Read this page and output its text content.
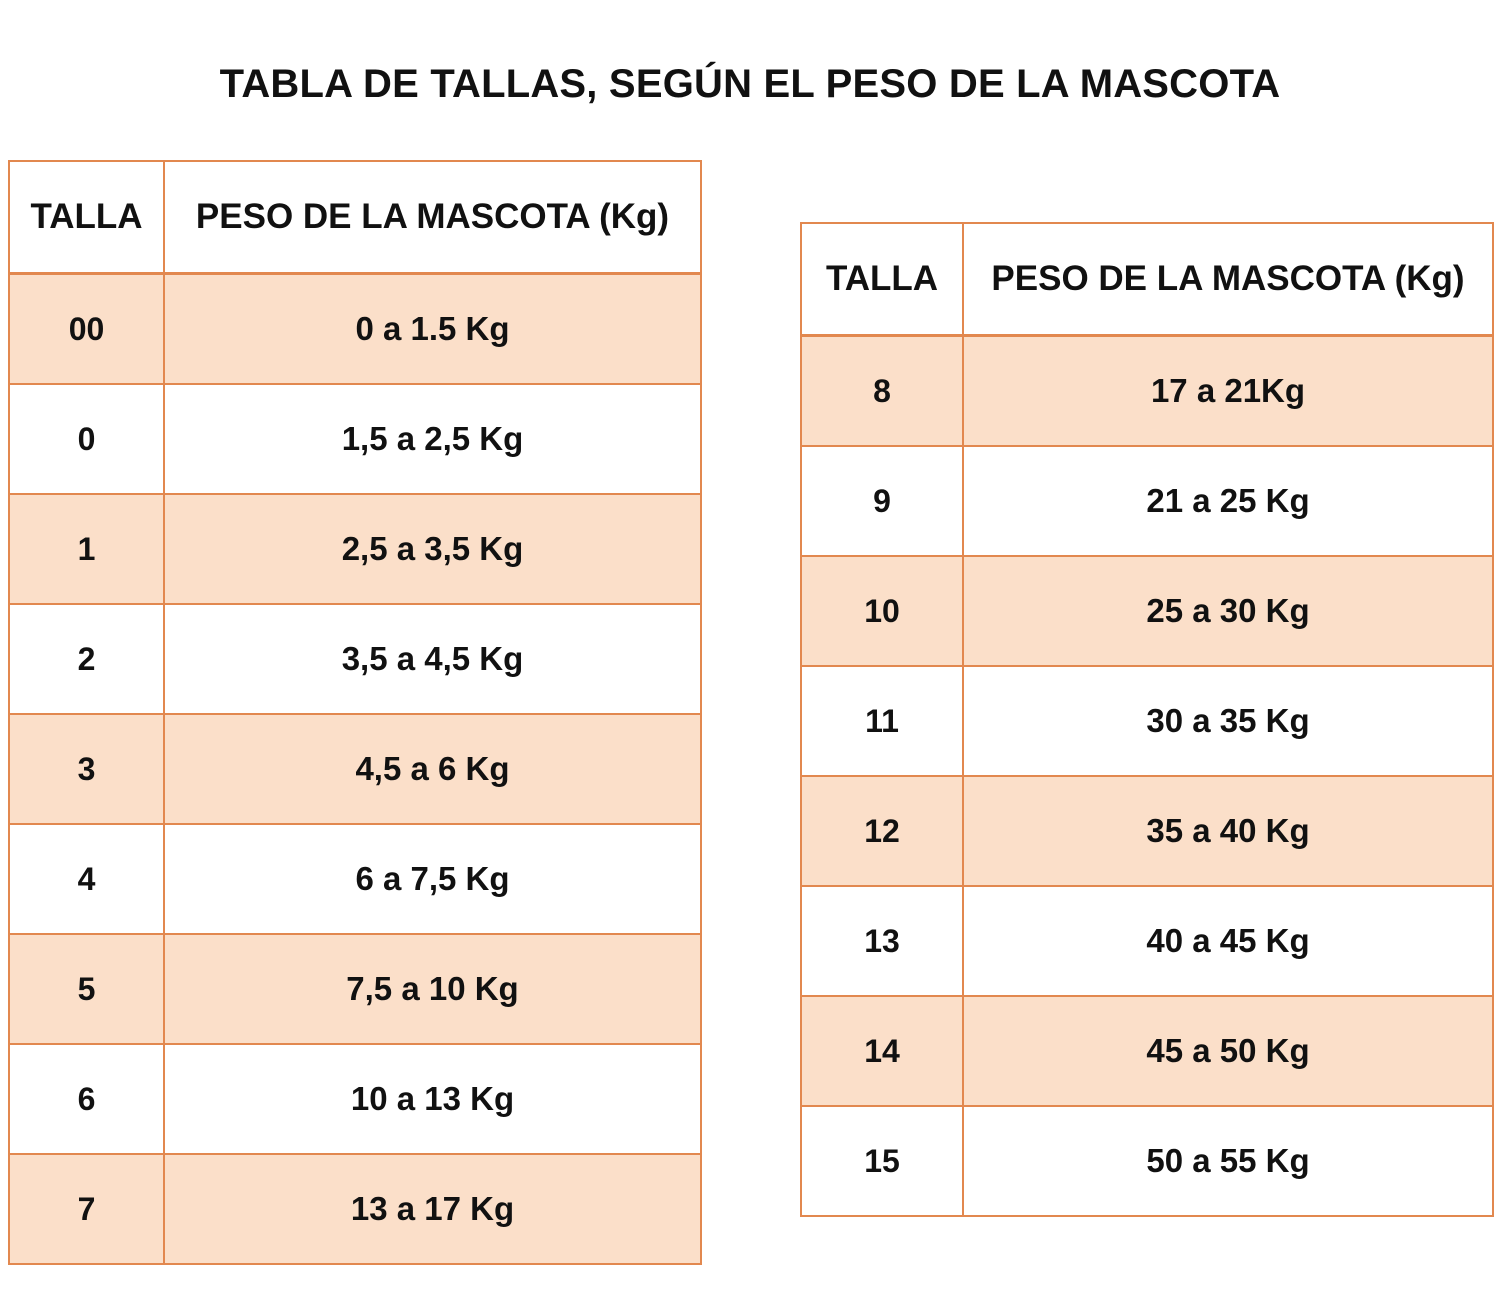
TABLA DE TALLAS, SEGÚN EL PESO DE LA MASCOTA
TALLA	PESO DE LA MASCOTA (Kg)
00	0 a 1.5 Kg
0	1,5 a 2,5 Kg
1	2,5 a 3,5 Kg
2	3,5 a 4,5 Kg
3	4,5 a 6 Kg
4	6 a 7,5 Kg
5	7,5 a 10 Kg
6	10 a 13 Kg
7	13 a 17 Kg
TALLA	PESO DE LA MASCOTA (Kg)
8	17 a 21Kg
9	21 a 25 Kg
10	25 a 30 Kg
11	30 a 35 Kg
12	35 a 40 Kg
13	40 a 45 Kg
14	45 a 50 Kg
15	50 a 55 Kg
